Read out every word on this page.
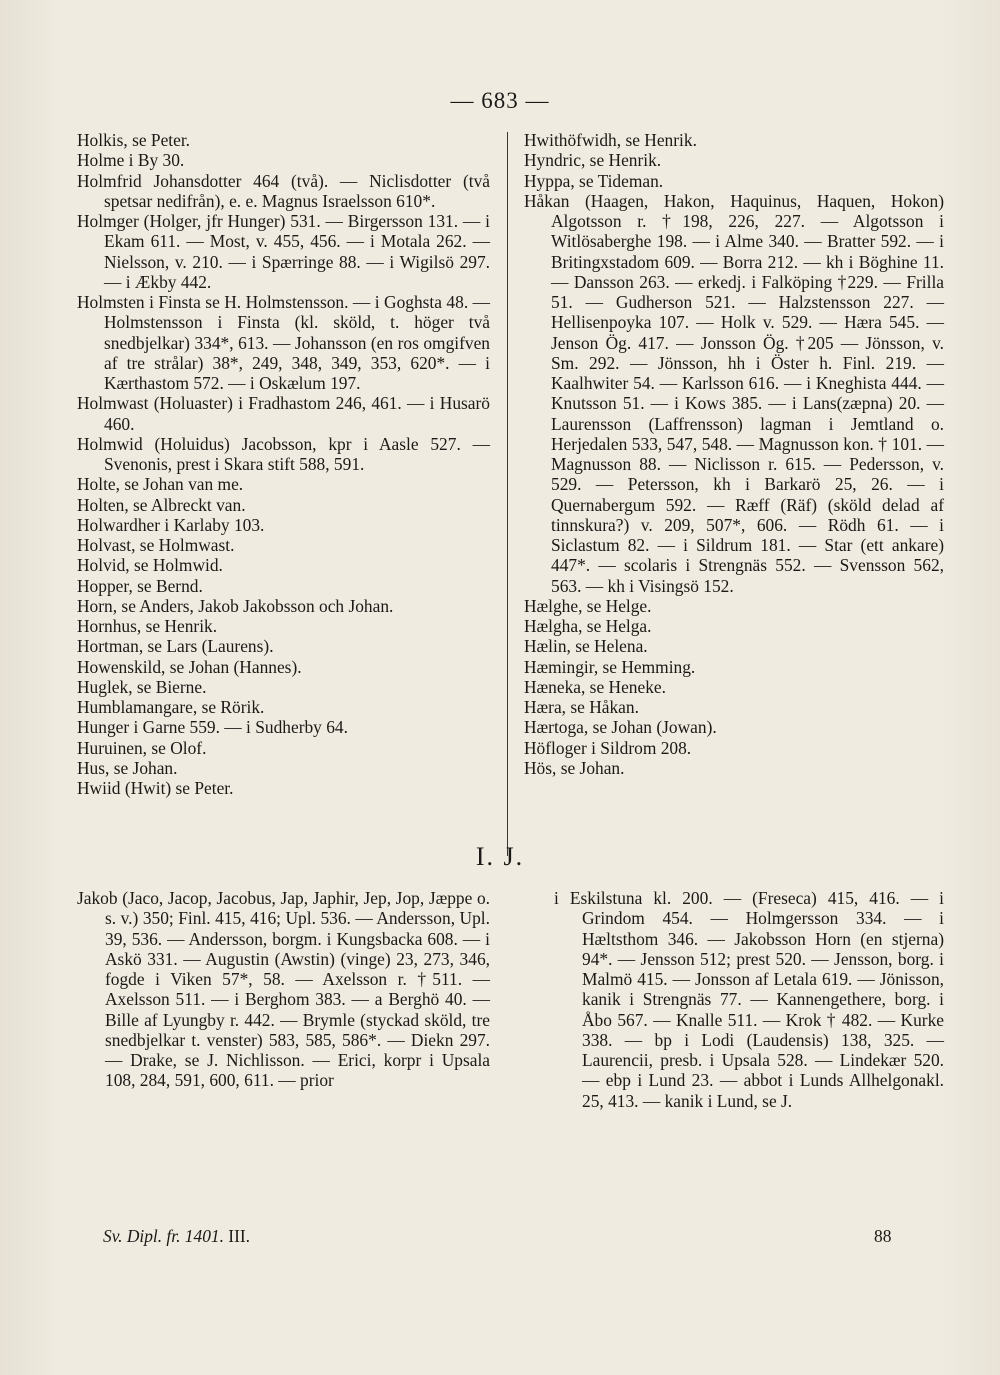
— 683 —
Holkis, se Peter.
Holme i By 30.
Holmfrid Johansdotter 464 (två). — Niclisdotter (två spetsar nedifrån), e. e. Magnus Israelsson 610*.
Holmger (Holger, jfr Hunger) 531. — Birgersson 131. — i Ekam 611. — Most, v. 455, 456. — i Motala 262. — Nielsson, v. 210. — i Spærringe 88. — i Wigilsö 297. — i Ækby 442.
Holmsten i Finsta se H. Holmstensson. — i Goghsta 48. — Holmstensson i Finsta (kl. sköld, t. höger två snedbjelkar) 334*, 613. — Johansson (en ros omgifven af tre strålar) 38*, 249, 348, 349, 353, 620*. — i Kærthastom 572. — i Oskælum 197.
Holmwast (Holuaster) i Fradhastom 246, 461. — i Husarö 460.
Holmwid (Holuidus) Jacobsson, kpr i Aasle 527. — Svenonis, prest i Skara stift 588, 591.
Holte, se Johan van me.
Holten, se Albreckt van.
Holwardher i Karlaby 103.
Holvast, se Holmwast.
Holvid, se Holmwid.
Hopper, se Bernd.
Horn, se Anders, Jakob Jakobsson och Johan.
Hornhus, se Henrik.
Hortman, se Lars (Laurens).
Howenskild, se Johan (Hannes).
Huglek, se Bierne.
Humblamangare, se Rörik.
Hunger i Garne 559. — i Sudherby 64.
Huruinen, se Olof.
Hus, se Johan.
Hwiid (Hwit) se Peter.
Hwithöfwidh, se Henrik.
Hyndric, se Henrik.
Hyppa, se Tideman.
Håkan (Haagen, Hakon, Haquinus, Haquen, Hokon) Algotsson r. †198, 226, 227. — Algotsson i Witlösaberghe 198. — i Alme 340. — Bratter 592. — i Britingxstadom 609. — Borra 212. — kh i Böghine 11. — Dansson 263. — erkedj. i Falköping †229. — Frilla 51. — Gudherson 521. — Halzstensson 227. — Hellisenpoyka 107. — Holk v. 529. — Hæra 545. — Jenson Ög. 417. — Jonsson Ög. †205 — Jönsson, v. Sm. 292. — Jönsson, hh i Öster h. Finl. 219. — Kaalhwiter 54. — Karlsson 616. — i Kneghista 444. — Knutsson 51. — i Kows 385. — i Lans(zæpna) 20. — Laurensson (Laffrensson) lagman i Jemtland o. Herjedalen 533, 547, 548. — Magnusson kon. † 101. — Magnusson 88. — Niclisson r. 615. — Pedersson, v. 529. — Petersson, kh i Barkarö 25, 26. — i Quernabergum 592. — Ræff (Räf) (sköld delad af tinnskura?) v. 209, 507*, 606. — Rödh 61. — i Siclastum 82. — i Sildrum 181. — Star (ett ankare) 447*. — scolaris i Strengnäs 552. — Svensson 562, 563. — kh i Visingsö 152.
Hælghe, se Helge.
Hælgha, se Helga.
Hælin, se Helena.
Hæmingir, se Hemming.
Hæneka, se Heneke.
Hæra, se Håkan.
Hærtoga, se Johan (Jowan).
Höfloger i Sildrom 208.
Hös, se Johan.
I. J.
Jakob (Jaco, Jacop, Jacobus, Jap, Japhir, Jep, Jop, Jæppe o. s. v.) 350; Finl. 415, 416; Upl. 536. — Andersson, Upl. 39, 536. — Andersson, borgm. i Kungsbacka 608. — i Askö 331. — Augustin (Awstin) (vinge) 23, 273, 346, fogde i Viken 57*, 58. — Axelsson r. †511. — Axelsson 511. — i Berghom 383. — a Berghö 40. — Bille af Lyungby r. 442. — Brymle (styckad sköld, tre snedbjelkar t. venster) 583, 585, 586*. — Diekn 297. — Drake, se J. Nichlisson. — Erici, korpr i Upsala 108, 284, 591, 600, 611. — prior
i Eskilstuna kl. 200. — (Freseca) 415, 416. — i Grindom 454. — Holmgersson 334. — i Hæltsthom 346. — Jakobsson Horn (en stjerna) 94*. — Jensson 512; prest 520. — Jensson, borg. i Malmö 415. — Jonsson af Letala 619. — Jönisson, kanik i Strengnäs 77. — Kannengethere, borg. i Åbo 567. — Knalle 511. — Krok † 482. — Kurke 338. — bp i Lodi (Laudensis) 138, 325. — Laurencii, presb. i Upsala 528. — Lindekær 520. — ebp i Lund 23. — abbot i Lunds Allhelgonakl. 25, 413. — kanik i Lund, se J.
Sv. Dipl. fr. 1401. III.	88
